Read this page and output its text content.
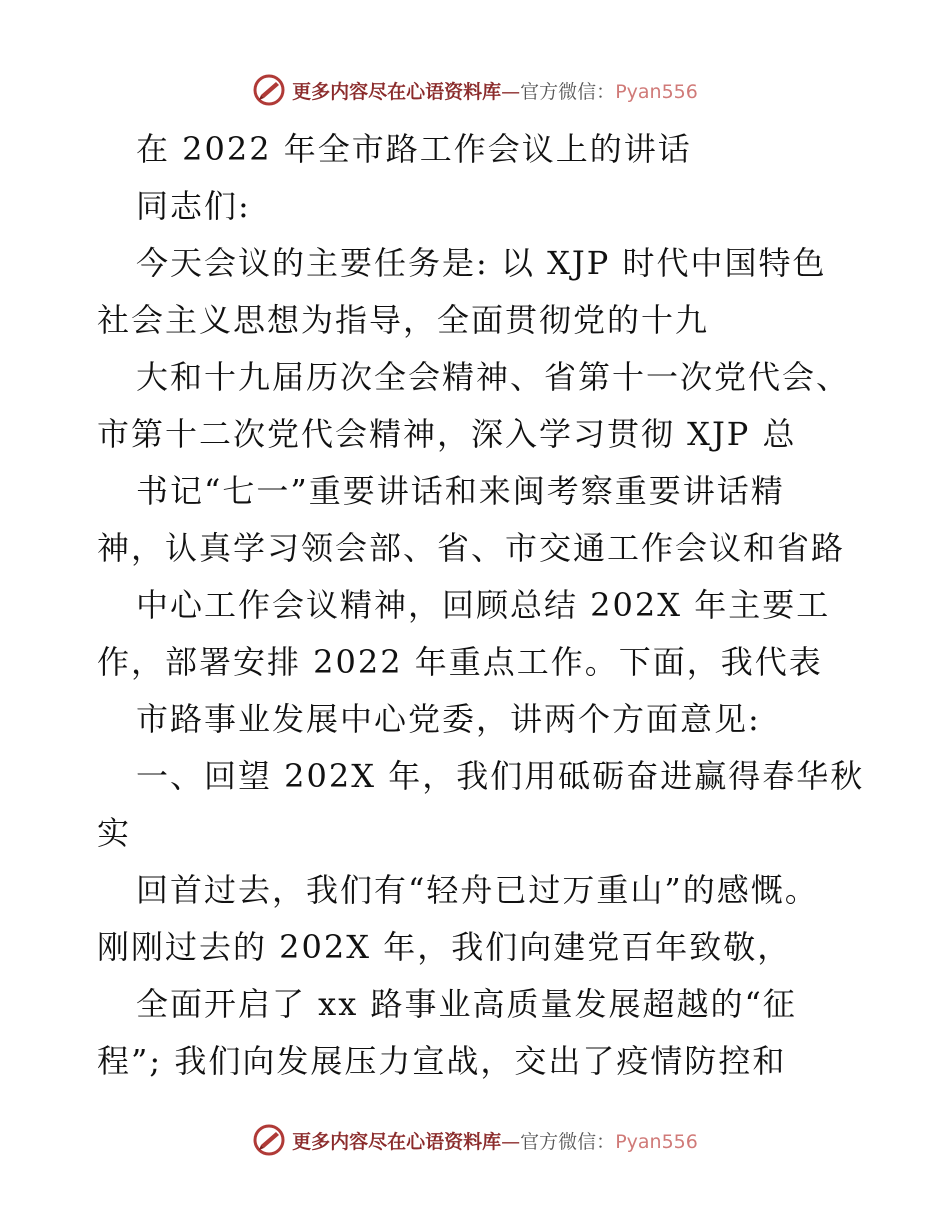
更多内容尽在心语资料库—官方微信：Pyan556
在 2022 年全市路工作会议上的讲话
同志们:
今天会议的主要任务是: 以 XJP 时代中国特色
社会主义思想为指导，全面贯彻党的十九
大和十九届历次全会精神、省第十一次党代会、
市第十二次党代会精神，深入学习贯彻 XJP 总
书记“七一”重要讲话和来闽考察重要讲话精
神，认真学习领会部、省、市交通工作会议和省路
中心工作会议精神，回顾总结 202X 年主要工
作，部署安排 2022 年重点工作。下面，我代表
市路事业发展中心党委，讲两个方面意见:
一、回望 202X 年，我们用砥砺奋进赢得春华秋
实
回首过去，我们有“轻舟已过万重山”的感慨。
刚刚过去的 202X 年，我们向建党百年致敬，
全面开启了 xx 路事业高质量发展超越的“征
程”; 我们向发展压力宣战，交出了疫情防控和
更多内容尽在心语资料库—官方微信：Pyan556
